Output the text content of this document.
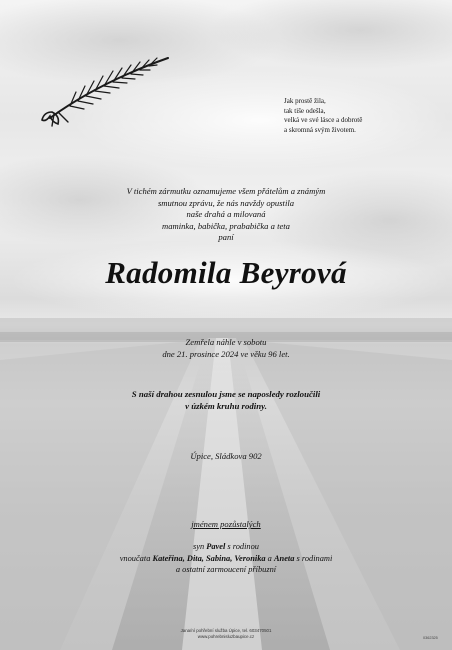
Jak prostě žila,
tak tiše odešla,
velká ve své lásce a dobrotě
a skromná svým životem.
V tichém zármutku oznamujeme všem přátelům a známým
smutnou zprávu, že nás navždy opustila
naše drahá a milovaná
maminka, babička, prababička a teta
paní
Radomila Beyrová
Zemřela náhle v sobotu
dne 21. prosince 2024 ve věku 96 let.
S naší drahou zesnulou jsme se naposledy rozloučili
v úzkém kruhu rodiny.
Úpice, Sládkova 902
jménem pozůstalých
syn Pavel s rodinou
vnoučata Kateřina, Dita, Sabina, Veronika a Aneta s rodinami
a ostatní zarmoucení příbuzní
Jana/ní pohřební služba Úpice, tel. 603470501
www.pohrebnisluzbaupice.cz	0362325
